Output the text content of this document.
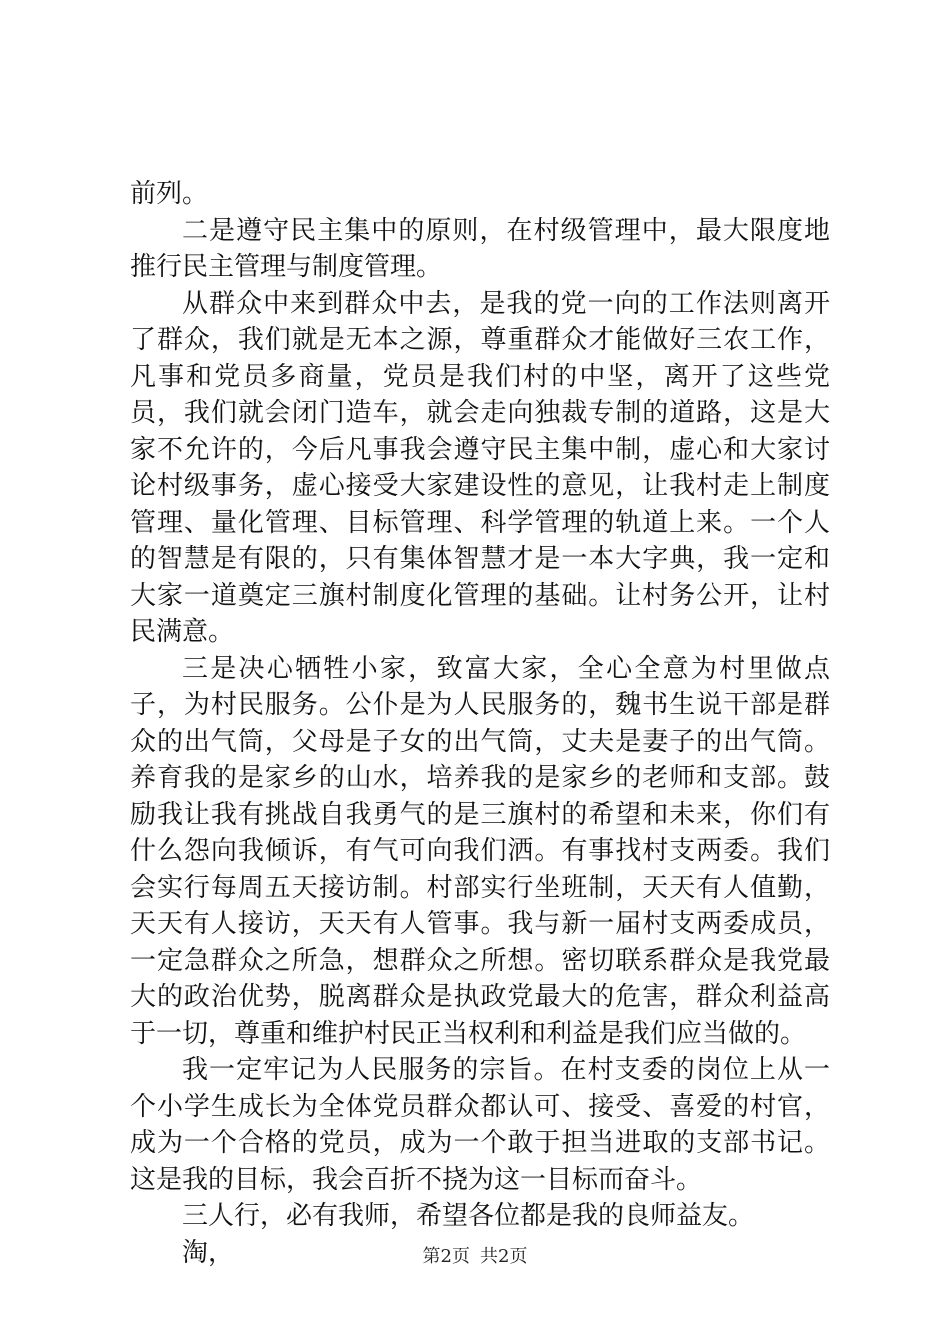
前列。

二是遵守民主集中的原则，在村级管理中，最大限度地推行民主管理与制度管理。

从群众中来到群众中去，是我的党一向的工作法则离开了群众，我们就是无本之源，尊重群众才能做好三农工作，凡事和党员多商量，党员是我们村的中坚，离开了这些党员，我们就会闭门造车，就会走向独裁专制的道路，这是大家不允许的，今后凡事我会遵守民主集中制，虚心和大家讨论村级事务，虚心接受大家建设性的意见，让我村走上制度管理、量化管理、目标管理、科学管理的轨道上来。一个人的智慧是有限的，只有集体智慧才是一本大字典，我一定和大家一道奠定三旗村制度化管理的基础。让村务公开，让村民满意。

三是决心牺牲小家，致富大家，全心全意为村里做点子，为村民服务。公仆是为人民服务的，魏书生说干部是群众的出气筒，父母是子女的出气筒，丈夫是妻子的出气筒。养育我的是家乡的山水，培养我的是家乡的老师和支部。鼓励我让我有挑战自我勇气的是三旗村的希望和未来，你们有什么怨向我倾诉，有气可向我们洒。有事找村支两委。我们会实行每周五天接访制。村部实行坐班制，天天有人值勤，天天有人接访，天天有人管事。我与新一届村支两委成员，一定急群众之所急，想群众之所想。密切联系群众是我党最大的政治优势，脱离群众是执政党最大的危害，群众利益高于一切，尊重和维护村民正当权利和利益是我们应当做的。

我一定牢记为人民服务的宗旨。在村支委的岗位上从一个小学生成长为全体党员群众都认可、接受、喜爱的村官，成为一个合格的党员，成为一个敢于担当进取的支部书记。这是我的目标，我会百折不挠为这一目标而奋斗。

三人行，必有我师，希望各位都是我的良师益友。

淘，	第2页 共2页
